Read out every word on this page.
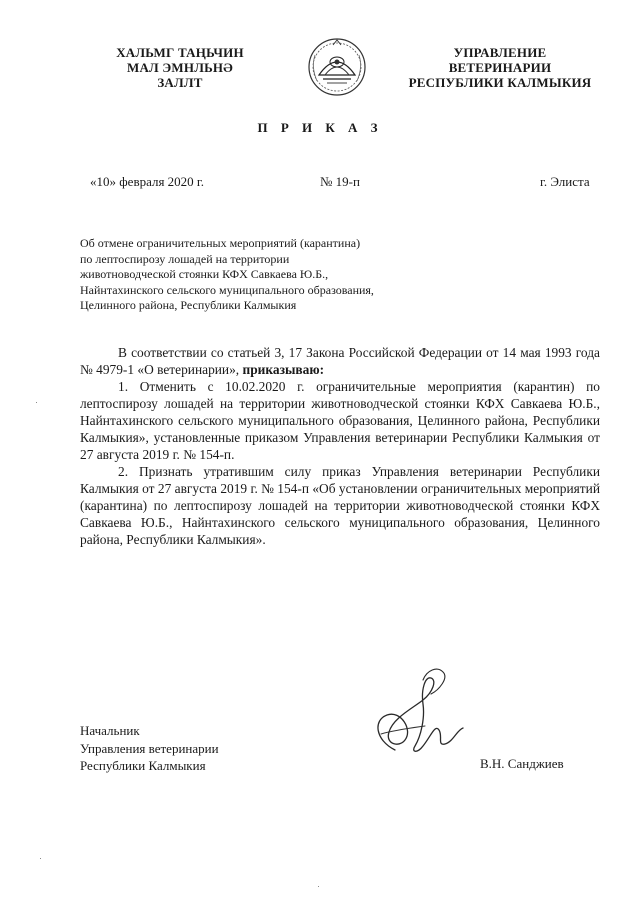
ХАЛЬМГ ТАҢЬЧИН
МАЛ ЭМНЛЬНӘ
ЗАЛЛТ
УПРАВЛЕНИЕ
ВЕТЕРИНАРИИ
РЕСПУБЛИКИ КАЛМЫКИЯ
П Р И К А З
«10» февраля 2020 г.	№ 19-п	г. Элиста
Об отмене ограничительных мероприятий (карантина)
по лептоспирозу лошадей на территории
животноводческой стоянки КФХ Савкаева Ю.Б.,
Найнтахинского сельского муниципального образования,
Целинного района, Республики Калмыкия

В соответствии со статьей 3, 17 Закона Российской Федерации от 14 мая 1993 года № 4979-1 «О ветеринарии», приказываю:

1. Отменить с 10.02.2020 г. ограничительные мероприятия (карантин) по лептоспирозу лошадей на территории животноводческой стоянки КФХ Савкаева Ю.Б., Найнтахинского сельского муниципального образования, Целинного района, Республики Калмыкия», установленные приказом Управления ветеринарии Республики Калмыкия от 27 августа 2019 г. № 154-п.

2. Признать утратившим силу приказ Управления ветеринарии Республики Калмыкия от 27 августа 2019 г. № 154-п «Об установлении ограничительных мероприятий (карантина) по лептоспирозу лошадей на территории животноводческой стоянки КФХ Савкаева Ю.Б., Найнтахинского сельского муниципального образования, Целинного района, Республики Калмыкия».

Начальник
Управления ветеринарии
Республики Калмыкия	В.Н. Санджиев
